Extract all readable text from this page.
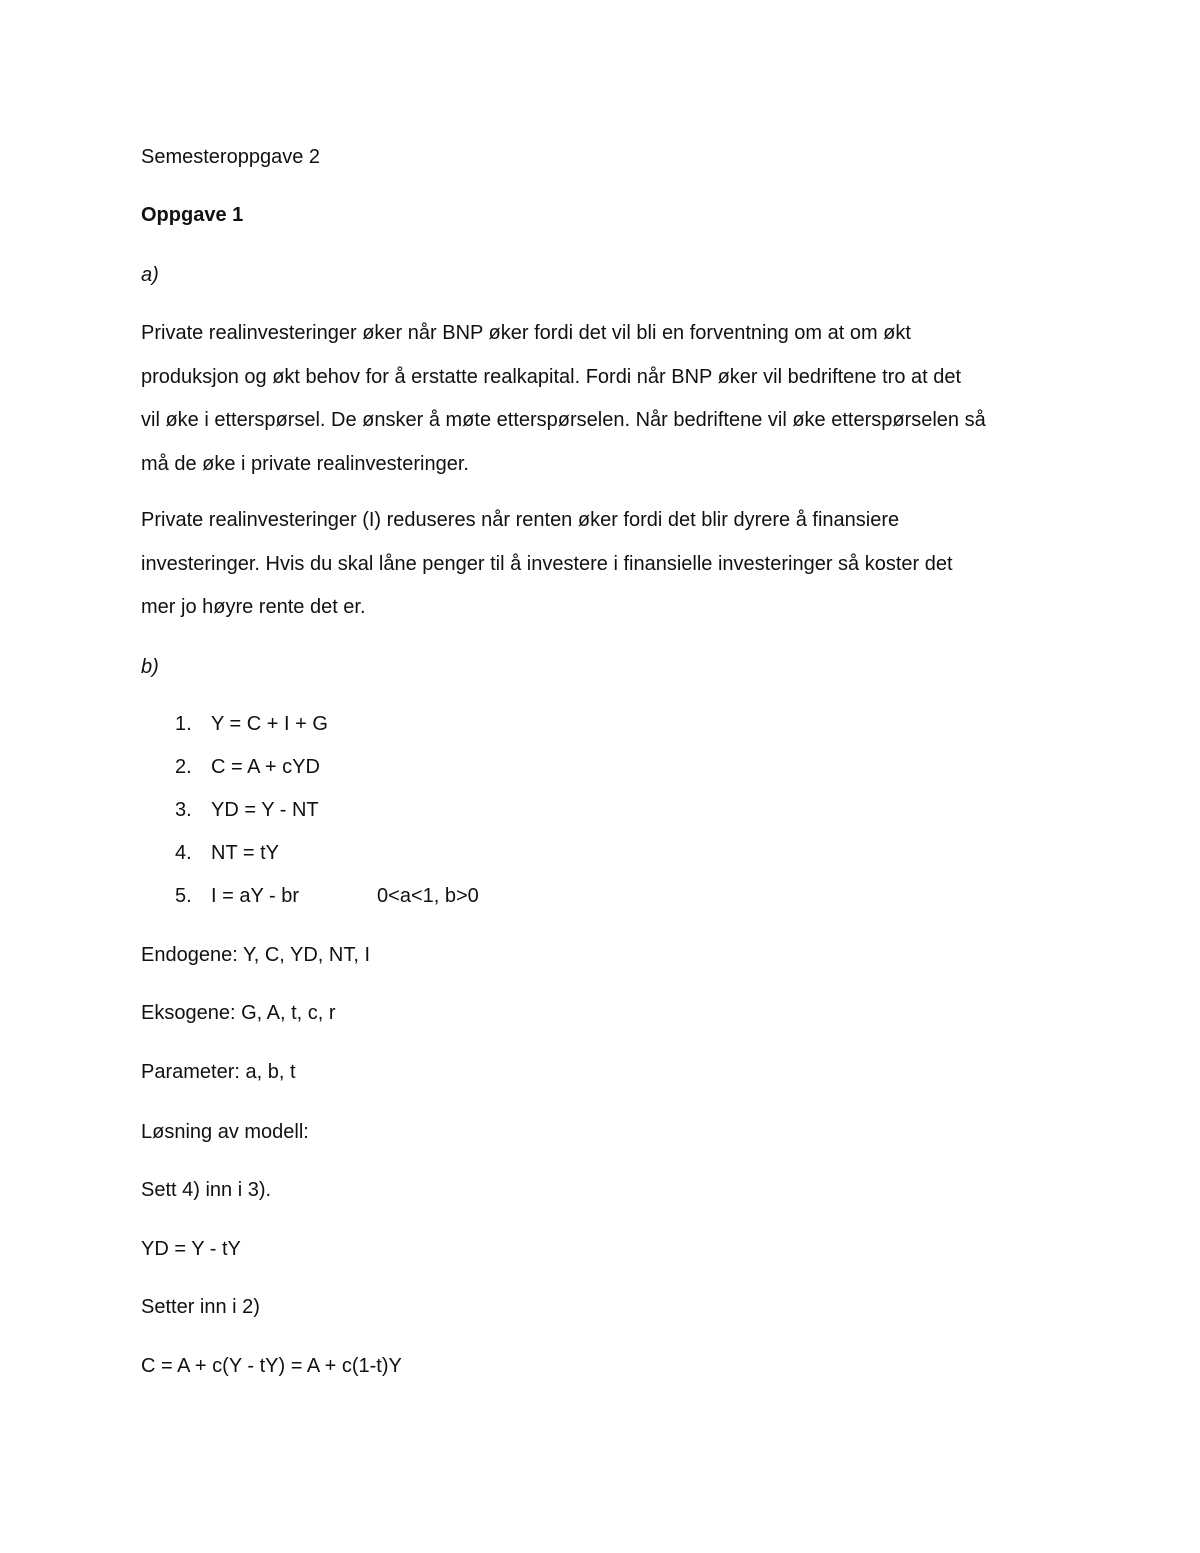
Semesteroppgave 2
Oppgave 1
a)
Private realinvesteringer øker når BNP øker fordi det vil bli en forventning om at om økt
produksjon og økt behov for å erstatte realkapital. Fordi når BNP øker vil bedriftene tro at det
vil øke i etterspørsel. De ønsker å møte etterspørselen. Når bedriftene vil øke etterspørselen så
må de øke i private realinvesteringer.
Private realinvesteringer (I) reduseres når renten øker fordi det blir dyrere å finansiere
investeringer. Hvis du skal låne penger til å investere i finansielle investeringer så koster det
mer jo høyre rente det er.
b)
1. Y = C + I + G
2. C = A + cYD
3. YD = Y - NT
4. NT = tY
5. I = aY - br	0<a<1, b>0
Endogene: Y, C, YD, NT, I
Eksogene: G, A, t, c, r
Parameter: a, b, t
Løsning av modell:
Sett 4) inn i 3).
YD = Y - tY
Setter inn i 2)
C = A + c(Y - tY) = A + c(1-t)Y
